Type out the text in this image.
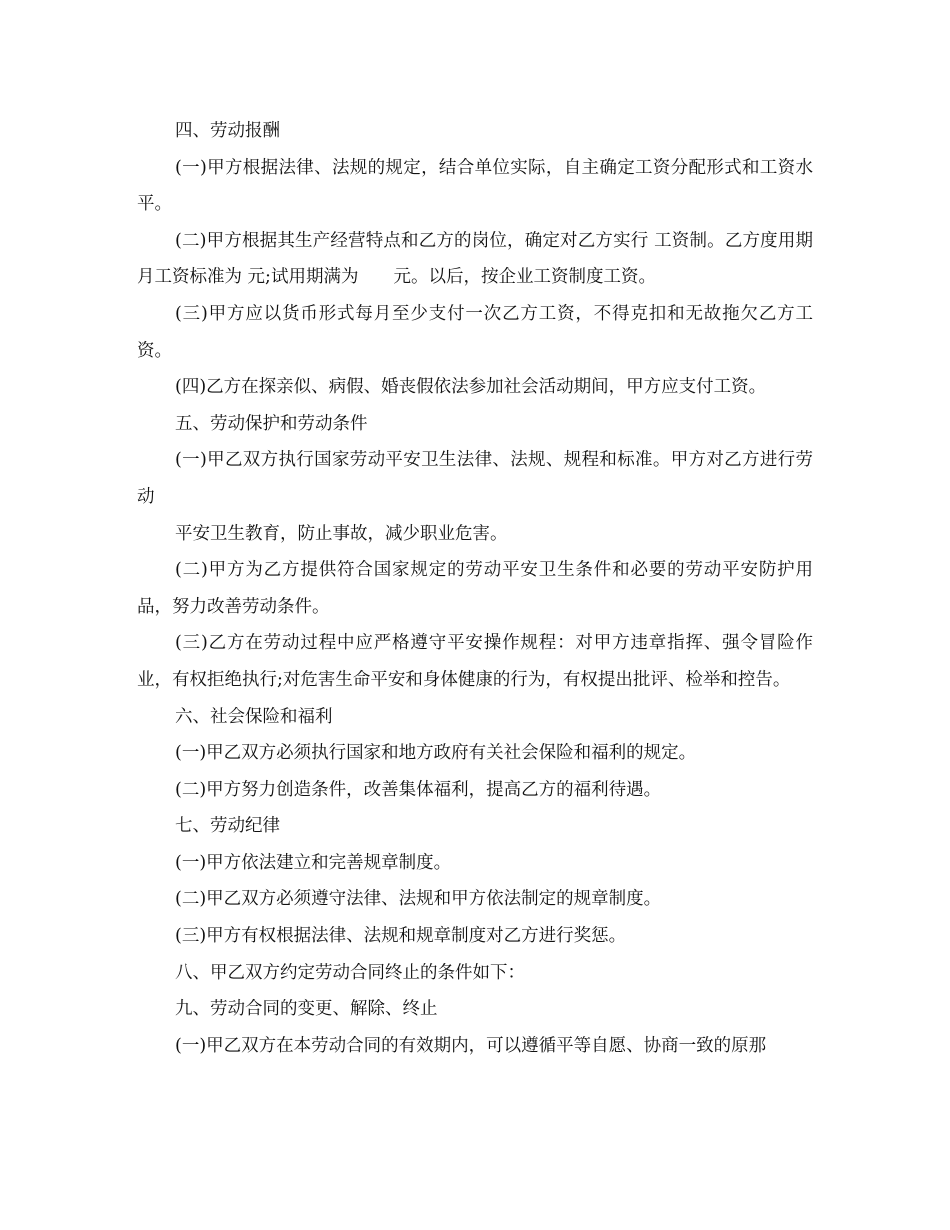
四、劳动报酬

(一)甲方根据法律、法规的规定，结合单位实际，自主确定工资分配形式和工资水平。

(二)甲方根据其生产经营特点和乙方的岗位，确定对乙方实行 工资制。乙方度用期月工资标准为 元;试用期满为　　元。以后，按企业工资制度工资。

(三)甲方应以货币形式每月至少支付一次乙方工资，不得克扣和无故拖欠乙方工资。

(四)乙方在探亲似、病假、婚丧假依法参加社会活动期间，甲方应支付工资。

五、劳动保护和劳动条件

(一)甲乙双方执行国家劳动平安卫生法律、法规、规程和标准。甲方对乙方进行劳动

平安卫生教育，防止事故，减少职业危害。

(二)甲方为乙方提供符合国家规定的劳动平安卫生条件和必要的劳动平安防护用品，努力改善劳动条件。

(三)乙方在劳动过程中应严格遵守平安操作规程：对甲方违章指挥、强令冒险作业，有权拒绝执行;对危害生命平安和身体健康的行为，有权提出批评、检举和控告。

六、社会保险和福利

(一)甲乙双方必须执行国家和地方政府有关社会保险和福利的规定。

(二)甲方努力创造条件，改善集体福利，提高乙方的福利待遇。

七、劳动纪律

(一)甲方依法建立和完善规章制度。

(二)甲乙双方必须遵守法律、法规和甲方依法制定的规章制度。

(三)甲方有权根据法律、法规和规章制度对乙方进行奖惩。

八、甲乙双方约定劳动合同终止的条件如下：

九、劳动合同的变更、解除、终止

(一)甲乙双方在本劳动合同的有效期内，可以遵循平等自愿、协商一致的原那
